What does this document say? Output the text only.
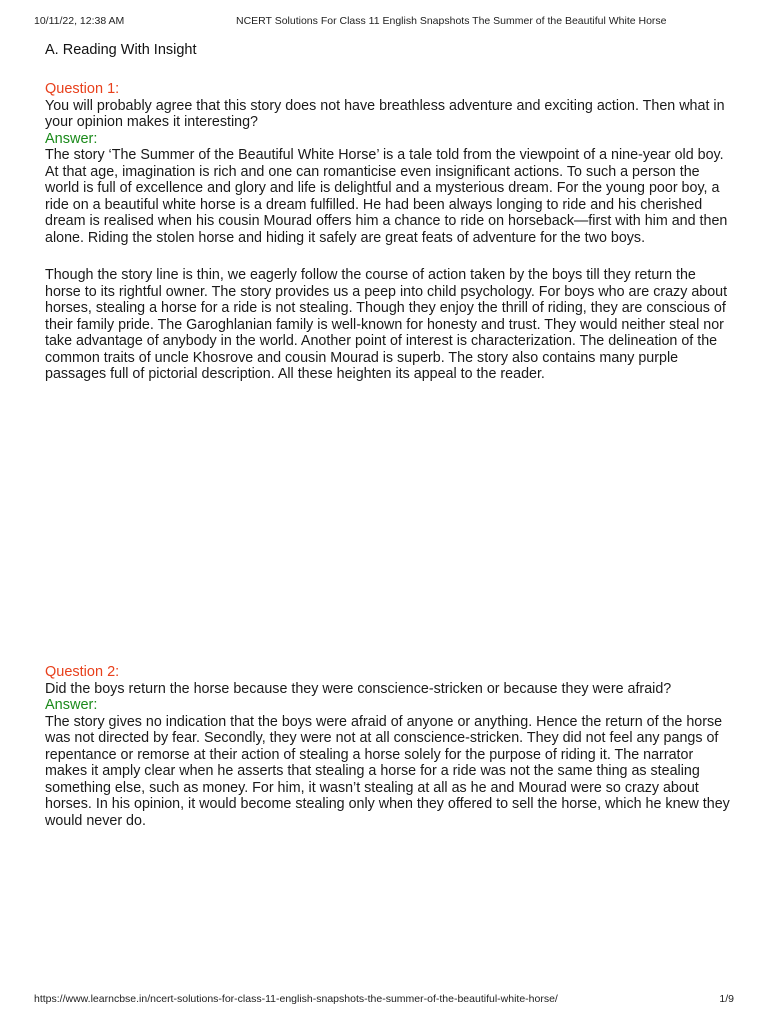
10/11/22, 12:38 AM	NCERT Solutions For Class 11 English Snapshots The Summer of the Beautiful White Horse
A. Reading With Insight
Question 1:

You will probably agree that this story does not have breathless adventure and exciting action. Then what in your opinion makes it interesting?

Answer:

The story ‘The Summer of the Beautiful White Horse’ is a tale told from the viewpoint of a nine-year old boy. At that age, imagination is rich and one can romanticise even insignificant actions. To such a person the world is full of excellence and glory and life is delightful and a mysterious dream. For the young poor boy, a ride on a beautiful white horse is a dream fulfilled. He had been always longing to ride and his cherished dream is realised when his cousin Mourad offers him a chance to ride on horseback—first with him and then alone. Riding the stolen horse and hiding it safely are great feats of adventure for the two boys.

Though the story line is thin, we eagerly follow the course of action taken by the boys till they return the horse to its rightful owner. The story provides us a peep into child psychology. For boys who are crazy about horses, stealing a horse for a ride is not stealing. Though they enjoy the thrill of riding, they are conscious of their family pride. The Garoghlanian family is well-known for honesty and trust. They would neither steal nor take advantage of anybody in the world. Another point of interest is characterization. The delineation of the common traits of uncle Khosrove and cousin Mourad is superb. The story also contains many purple passages full of pictorial description. All these heighten its appeal to the reader.

Question 2:

Did the boys return the horse because they were conscience-stricken or because they were afraid?

Answer:

The story gives no indication that the boys were afraid of anyone or anything. Hence the return of the horse was not directed by fear. Secondly, they were not at all conscience-stricken. They did not feel any pangs of repentance or remorse at their action of stealing a horse solely for the purpose of riding it. The narrator makes it amply clear when he asserts that stealing a horse for a ride was not the same thing as stealing something else, such as money. For him, it wasn’t stealing at all as he and Mourad were so crazy about horses. In his opinion, it would become stealing only when they offered to sell the horse, which he knew they would never do.

https://www.learncbse.in/ncert-solutions-for-class-11-english-snapshots-the-summer-of-the-beautiful-white-horse/	1/9
